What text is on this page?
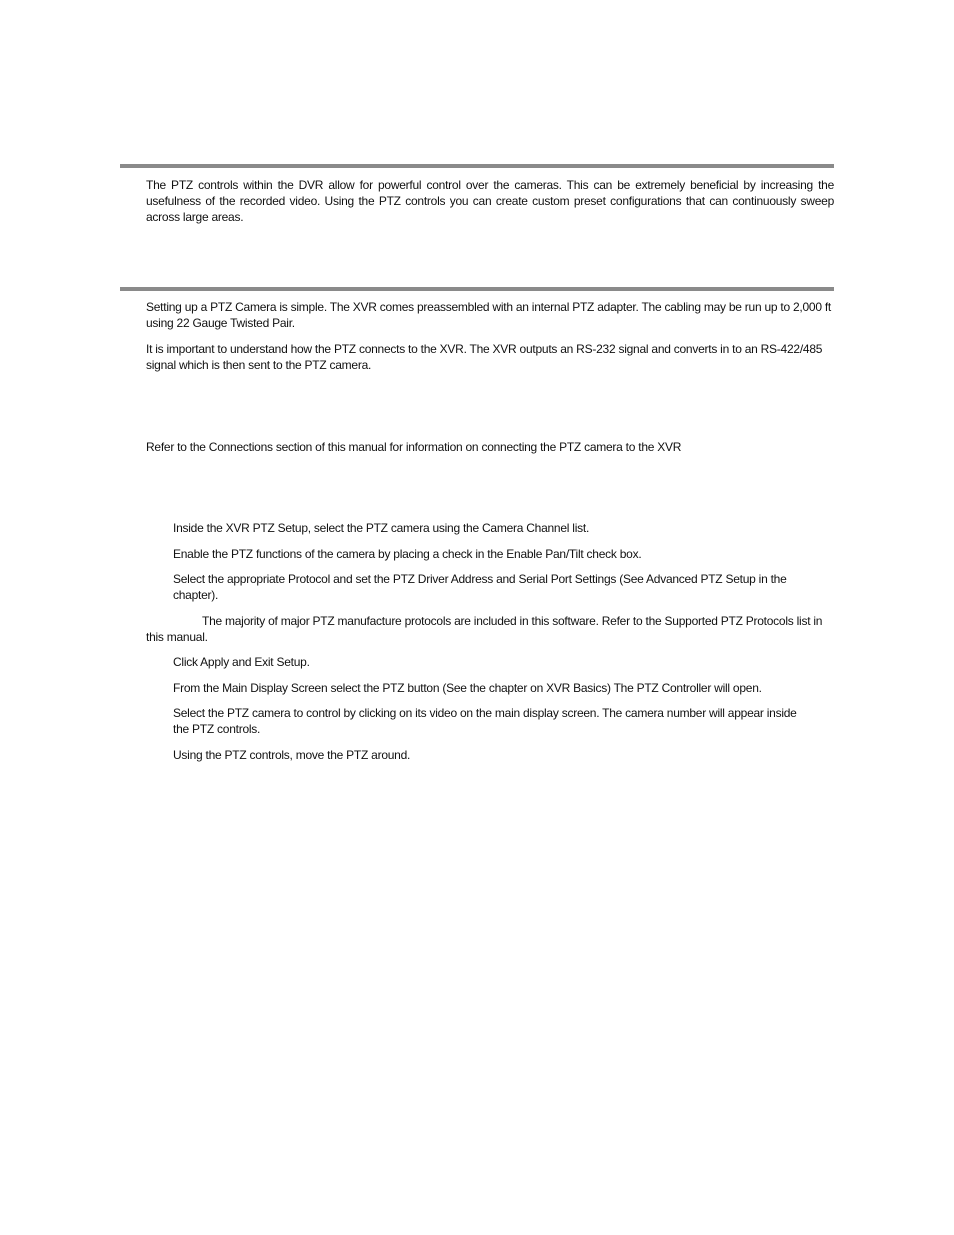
The PTZ controls within the DVR allow for powerful control over the cameras. This can be extremely beneficial by increasing the usefulness of the recorded video. Using the PTZ controls you can create custom preset configurations that can continuously sweep across large areas.

Setting up a PTZ Camera is simple. The XVR comes preassembled with an internal PTZ adapter. The cabling may be run up to 2,000 ft using 22 Gauge Twisted Pair.

It is important to understand how the PTZ connects to the XVR. The XVR outputs an RS-232 signal and converts in to an RS-422/485 signal which is then sent to the PTZ camera.

Refer to the Connections section of this manual for information on connecting the PTZ camera to the XVR

Inside the XVR PTZ Setup, select the PTZ camera using the Camera Channel list.

Enable the PTZ functions of the camera by placing a check in the Enable Pan/Tilt check box.

Select the appropriate Protocol and set the PTZ Driver Address and Serial Port Settings (See Advanced PTZ Setup in the chapter).

The majority of major PTZ manufacture protocols are included in this software. Refer to the Supported PTZ Protocols list in this manual.

Click Apply and Exit Setup.

From the Main Display Screen select the PTZ button (See the chapter on XVR Basics) The PTZ Controller will open.

Select the PTZ camera to control by clicking on its video on the main display screen. The camera number will appear inside the PTZ controls.

Using the PTZ controls, move the PTZ around.
